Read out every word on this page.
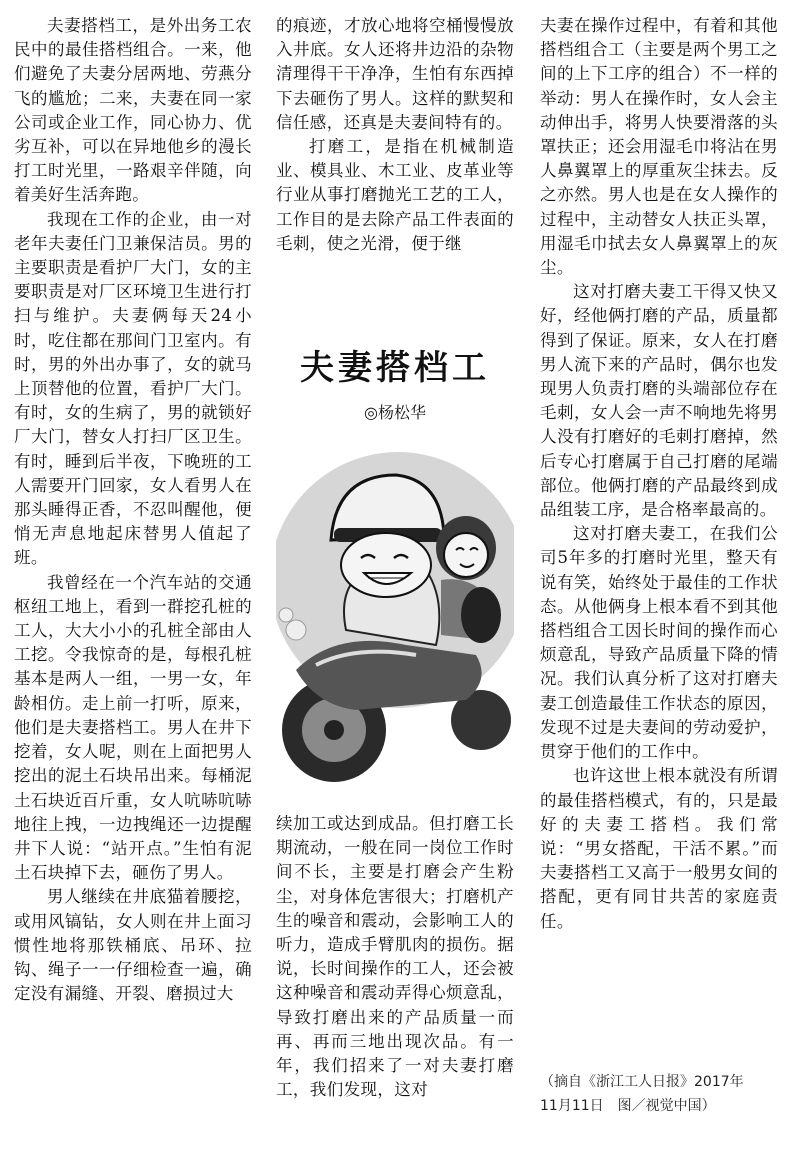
夫妻搭档工，是外出务工农民中的最佳搭档组合。一来，他们避免了夫妻分居两地、劳燕分飞的尴尬；二来，夫妻在同一家公司或企业工作，同心协力、优劣互补，可以在异地他乡的漫长打工时光里，一路艰辛伴随，向着美好生活奔跑。

我现在工作的企业，由一对老年夫妻任门卫兼保洁员。男的主要职责是看护厂大门，女的主要职责是对厂区环境卫生进行打扫与维护。夫妻俩每天24小时，吃住都在那间门卫室内。有时，男的外出办事了，女的就马上顶替他的位置，看护厂大门。有时，女的生病了，男的就锁好厂大门，替女人打扫厂区卫生。有时，睡到后半夜，下晚班的工人需要开门回家，女人看男人在那头睡得正香，不忍叫醒他，便悄无声息地起床替男人值起了班。

我曾经在一个汽车站的交通枢纽工地上，看到一群挖孔桩的工人，大大小小的孔桩全部由人工挖。令我惊奇的是，每根孔桩基本是两人一组，一男一女，年龄相仿。走上前一打听，原来，他们是夫妻搭档工。男人在井下挖着，女人呢，则在上面把男人挖出的泥土石块吊出来。每桶泥土石块近百斤重，女人吭哧吭哧地往上拽，一边拽绳还一边提醒井下人说：“站开点。”生怕有泥土石块掉下去，砸伤了男人。

男人继续在井底猫着腰挖，或用风镐钻，女人则在井上面习惯性地将那铁桶底、吊环、拉钩、绳子一一仔细检查一遍，确定没有漏缝、开裂、磨损过大

的痕迹，才放心地将空桶慢慢放入井底。女人还将井边沿的杂物清理得干干净净，生怕有东西掉下去砸伤了男人。这样的默契和信任感，还真是夫妻间特有的。

打磨工，是指在机械制造业、模具业、木工业、皮革业等行业从事打磨抛光工艺的工人，工作目的是去除产品工件表面的毛刺，使之光滑，便于继

夫妻搭档工
◎杨松华

续加工或达到成品。但打磨工长期流动，一般在同一岗位工作时间不长，主要是打磨会产生粉尘，对身体危害很大；打磨机产生的噪音和震动，会影响工人的听力，造成手臂肌肉的损伤。据说，长时间操作的工人，还会被这种噪音和震动弄得心烦意乱，导致打磨出来的产品质量一而再、再而三地出现次品。有一年，我们招来了一对夫妻打磨工，我们发现，这对

夫妻在操作过程中，有着和其他搭档组合工（主要是两个男工之间的上下工序的组合）不一样的举动：男人在操作时，女人会主动伸出手，将男人快要滑落的头罩扶正；还会用湿毛巾将沾在男人鼻翼罩上的厚重灰尘抹去。反之亦然。男人也是在女人操作的过程中，主动替女人扶正头罩，用湿毛巾拭去女人鼻翼罩上的灰尘。

这对打磨夫妻工干得又快又好，经他俩打磨的产品，质量都得到了保证。原来，女人在打磨男人流下来的产品时，偶尔也发现男人负责打磨的头端部位存在毛刺，女人会一声不响地先将男人没有打磨好的毛刺打磨掉，然后专心打磨属于自己打磨的尾端部位。他俩打磨的产品最终到成品组装工序，是合格率最高的。

这对打磨夫妻工，在我们公司5年多的打磨时光里，整天有说有笑，始终处于最佳的工作状态。从他俩身上根本看不到其他搭档组合工因长时间的操作而心烦意乱，导致产品质量下降的情况。我们认真分析了这对打磨夫妻工创造最佳工作状态的原因，发现不过是夫妻间的劳动爱护，贯穿于他们的工作中。

也许这世上根本就没有所谓的最佳搭档模式，有的，只是最好的夫妻工搭档。我们常说：“男女搭配，干活不累。”而夫妻搭档工又高于一般男女间的搭配，更有同甘共苦的家庭责任。

（摘自《浙江工人日报》2017年
11月11日　图／视觉中国）
